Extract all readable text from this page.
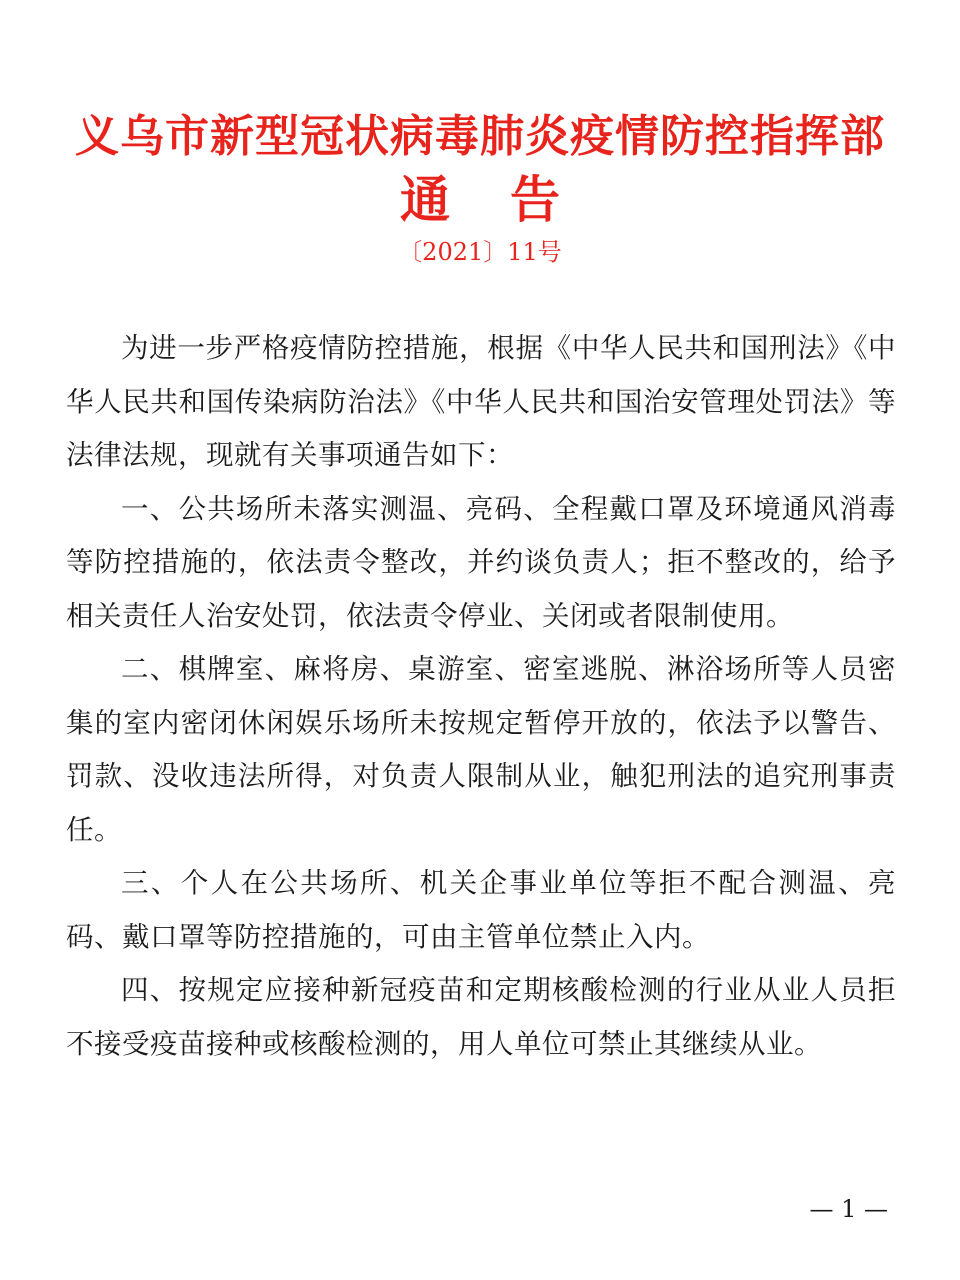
义乌市新型冠状病毒肺炎疫情防控指挥部
通告
〔2021〕11号

为进一步严格疫情防控措施，根据《中华人民共和国刑法》《中华人民共和国传染病防治法》《中华人民共和国治安管理处罚法》等法律法规，现就有关事项通告如下：

一、公共场所未落实测温、亮码、全程戴口罩及环境通风消毒等防控措施的，依法责令整改，并约谈负责人；拒不整改的，给予相关责任人治安处罚，依法责令停业、关闭或者限制使用。

二、棋牌室、麻将房、桌游室、密室逃脱、淋浴场所等人员密集的室内密闭休闲娱乐场所未按规定暂停开放的，依法予以警告、罚款、没收违法所得，对负责人限制从业，触犯刑法的追究刑事责任。

三、个人在公共场所、机关企事业单位等拒不配合测温、亮码、戴口罩等防控措施的，可由主管单位禁止入内。

四、按规定应接种新冠疫苗和定期核酸检测的行业从业人员拒不接受疫苗接种或核酸检测的，用人单位可禁止其继续从业。

— 1 —
